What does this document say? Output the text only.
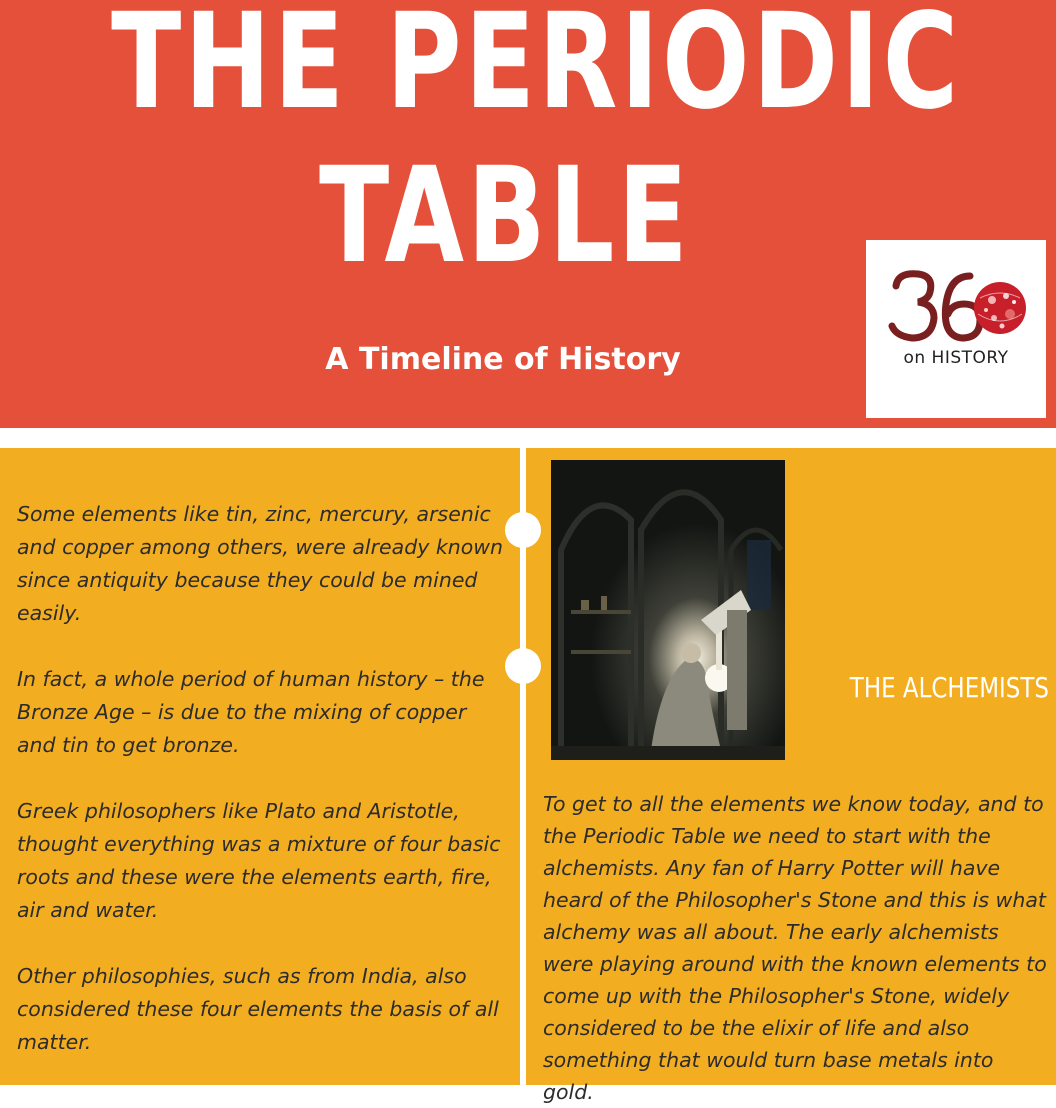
THE PERIODIC
TABLE
A Timeline of History	on HISTORY

Some elements like tin, zinc, mercury, arsenic and copper among others, were already known since antiquity because they could be mined easily.

In fact, a whole period of human history – the Bronze Age – is due to the mixing of copper and tin to get bronze.

Greek philosophers like Plato and Aristotle, thought everything was a mixture of four basic roots and these were the elements earth, fire, air and water.

Other philosophies, such as from India, also considered these four elements the basis of all matter.

THE ALCHEMISTS
To get to all the elements we know today, and to the Periodic Table we need to start with the alchemists. Any fan of Harry Potter will have heard of the Philosopher's Stone and this is what alchemy was all about. The early alchemists were playing around with the known elements to come up with the Philosopher's Stone, widely considered to be the elixir of life and also something that would turn base metals into gold.
